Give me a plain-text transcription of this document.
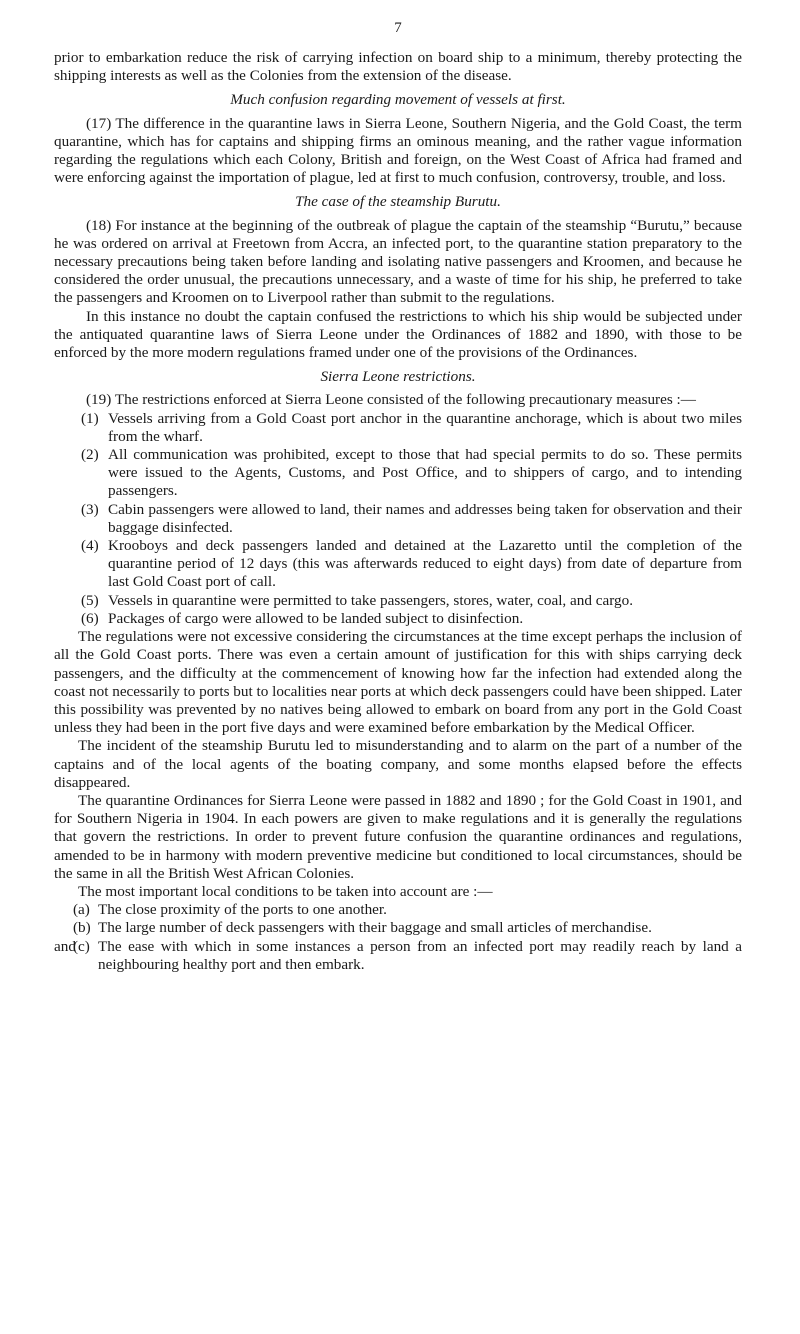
7

prior to embarkation reduce the risk of carrying infection on board ship to a minimum, thereby protecting the shipping interests as well as the Colonies from the extension of the disease.

Much confusion regarding movement of vessels at first.

(17) The difference in the quarantine laws in Sierra Leone, Southern Nigeria, and the Gold Coast, the term quarantine, which has for captains and shipping firms an ominous meaning, and the rather vague information regarding the regulations which each Colony, British and foreign, on the West Coast of Africa had framed and were enforcing against the importation of plague, led at first to much confusion, controversy, trouble, and loss.

The case of the steamship Burutu.

(18) For instance at the beginning of the outbreak of plague the captain of the steamship “Burutu,” because he was ordered on arrival at Freetown from Accra, an infected port, to the quarantine station preparatory to the necessary precautions being taken before landing and isolating native passengers and Kroomen, and because he considered the order unusual, the precautions unnecessary, and a waste of time for his ship, he preferred to take the passengers and Kroomen on to Liverpool rather than submit to the regulations.

In this instance no doubt the captain confused the restrictions to which his ship would be subjected under the antiquated quarantine laws of Sierra Leone under the Ordinances of 1882 and 1890, with those to be enforced by the more modern regulations framed under one of the provisions of the Ordinances.

Sierra Leone restrictions.

(19) The restrictions enforced at Sierra Leone consisted of the following precautionary measures :—

(1) Vessels arriving from a Gold Coast port anchor in the quarantine anchorage, which is about two miles from the wharf.

(2) All communication was prohibited, except to those that had special permits to do so. These permits were issued to the Agents, Customs, and Post Office, and to shippers of cargo, and to intending passengers.

(3) Cabin passengers were allowed to land, their names and addresses being taken for observation and their baggage disinfected.

(4) Krooboys and deck passengers landed and detained at the Lazaretto until the completion of the quarantine period of 12 days (this was afterwards reduced to eight days) from date of departure from last Gold Coast port of call.

(5) Vessels in quarantine were permitted to take passengers, stores, water, coal, and cargo.

(6) Packages of cargo were allowed to be landed subject to disinfection.

The regulations were not excessive considering the circumstances at the time except perhaps the inclusion of all the Gold Coast ports. There was even a certain amount of justification for this with ships carrying deck passengers, and the difficulty at the commencement of knowing how far the infection had extended along the coast not necessarily to ports but to localities near ports at which deck passengers could have been shipped. Later this possibility was prevented by no natives being allowed to embark on board from any port in the Gold Coast unless they had been in the port five days and were examined before embarkation by the Medical Officer.

The incident of the steamship Burutu led to misunderstanding and to alarm on the part of a number of the captains and of the local agents of the boating company, and some months elapsed before the effects disappeared.

The quarantine Ordinances for Sierra Leone were passed in 1882 and 1890 ; for the Gold Coast in 1901, and for Southern Nigeria in 1904. In each powers are given to make regulations and it is generally the regulations that govern the restrictions. In order to prevent future confusion the quarantine ordinances and regulations, amended to be in harmony with modern preventive medicine but conditioned to local circumstances, should be the same in all the British West African Colonies.

The most important local conditions to be taken into account are :—

(a) The close proximity of the ports to one another.

(b) The large number of deck passengers with their baggage and small articles of merchandise.

and(c) The ease with which in some instances a person from an infected port may readily reach by land a neighbouring healthy port and then embark.
